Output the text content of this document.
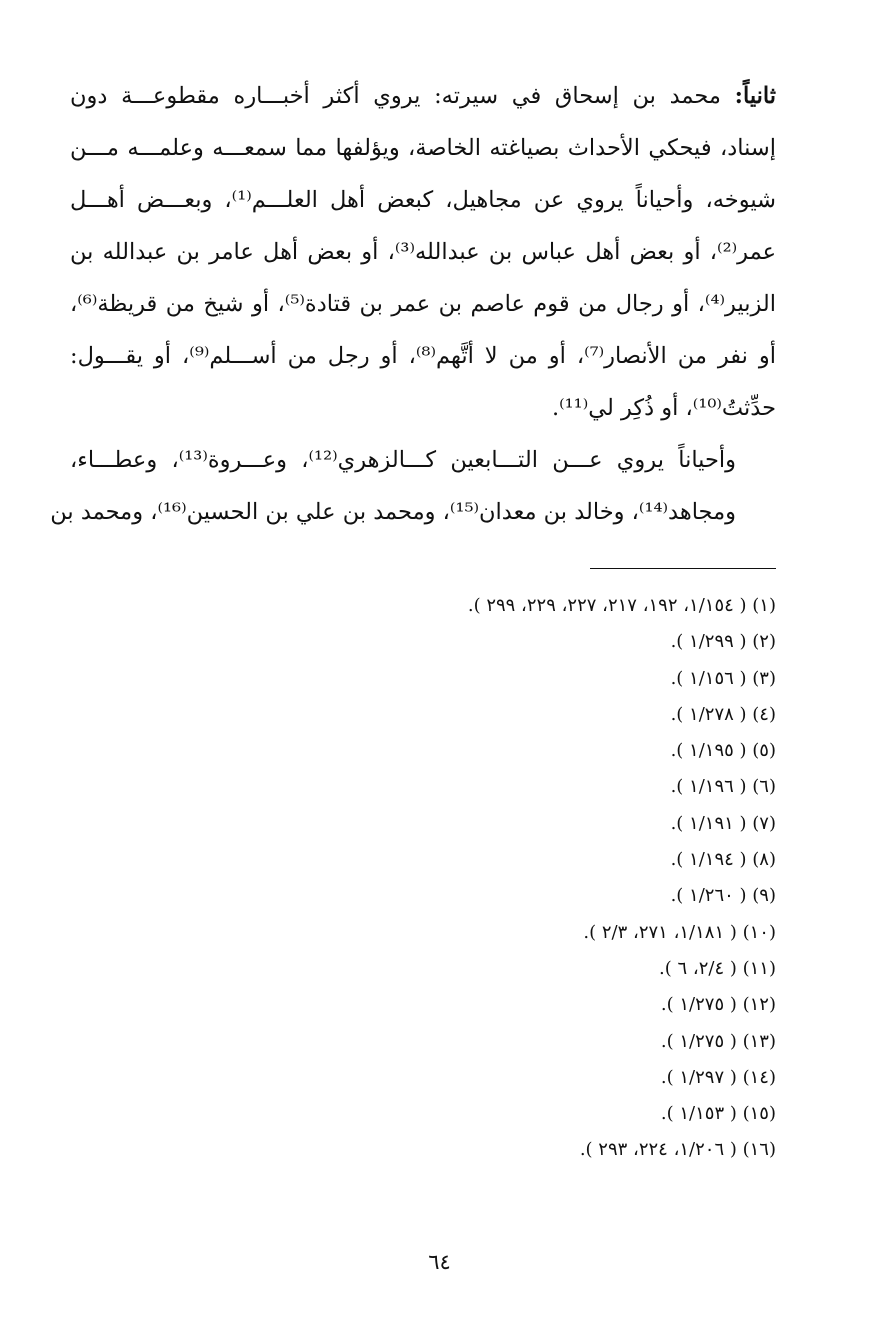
ثانياً: محمد بن إسحاق في سيرته: يروي أكثر أخبـــاره مقطوعـــة دون
إسناد، فيحكي الأحداث بصياغته الخاصة، ويؤلفها مما سمعـــه وعلمـــه مـــن
شيوخه، وأحياناً يروي عن مجاهيل، كبعض أهل العلـــم⁽¹⁾، وبعـــض أهـــل
عمر⁽²⁾، أو بعض أهل عباس بن عبدالله⁽³⁾، أو بعض أهل عامر بن عبدالله بن
الزبير⁽⁴⁾، أو رجال من قوم عاصم بن عمر بن قتادة⁽⁵⁾، أو شيخ من قريظة⁽⁶⁾،
أو نفر من الأنصار⁽⁷⁾، أو من لا أتَّهم⁽⁸⁾، أو رجل من أســـلم⁽⁹⁾، أو يقـــول:
حدِّثتُ⁽¹⁰⁾، أو ذُكِر لي⁽¹¹⁾.

وأحياناً يروي عـــن التـــابعين كـــالزهري⁽¹²⁾، وعـــروة⁽¹³⁾، وعطـــاء،
ومجاهد⁽¹⁴⁾، وخالد بن معدان⁽¹⁵⁾، ومحمد بن علي بن الحسين⁽¹⁶⁾، ومحمد بن

(١) ( ١/١٥٤، ١٩٢، ٢١٧، ٢٢٧، ٢٢٩، ٢٩٩ ).
(٢) ( ١/٢٩٩ ).
(٣) ( ١/١٥٦ ).
(٤) ( ١/٢٧٨ ).
(٥) ( ١/١٩٥ ).
(٦) ( ١/١٩٦ ).
(٧) ( ١/١٩١ ).
(٨) ( ١/١٩٤ ).
(٩) ( ١/٢٦٠ ).
(١٠) ( ١/١٨١، ٢٧١، ٢/٣ ).
(١١) ( ٢/٤، ٦ ).
(١٢) ( ١/٢٧٥ ).
(١٣) ( ١/٢٧٥ ).
(١٤) ( ١/٢٩٧ ).
(١٥) ( ١/١٥٣ ).
(١٦) ( ١/٢٠٦، ٢٢٤، ٢٩٣ ).
٦٤
